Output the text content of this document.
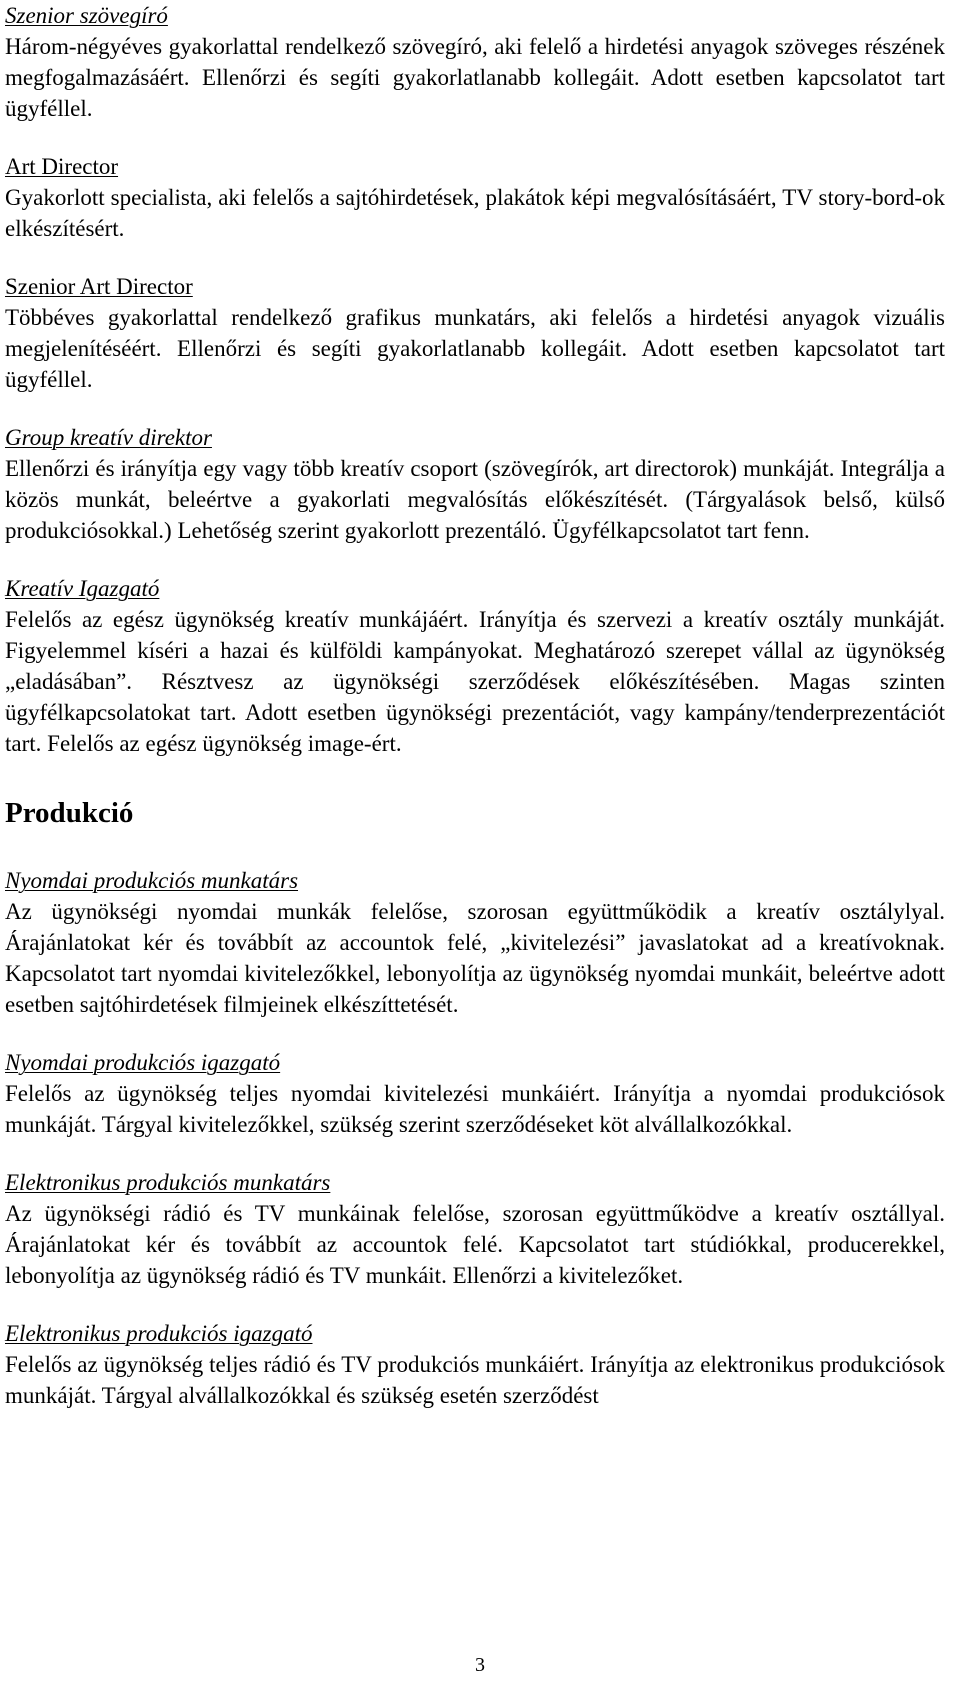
Szenior szövegíró
Három-négyéves gyakorlattal rendelkező szövegíró, aki felelő a hirdetési anyagok szöveges részének megfogalmazásáért. Ellenőrzi és segíti gyakorlatlanabb kollegáit. Adott esetben kapcsolatot tart ügyféllel.
Art Director
Gyakorlott specialista, aki felelős a sajtóhirdetések, plakátok képi megvalósításáért, TV story-bord-ok elkészítésért.
Szenior Art Director
Többéves gyakorlattal rendelkező grafikus munkatárs, aki felelős a hirdetési anyagok vizuális megjelenítéséért. Ellenőrzi és segíti gyakorlatlanabb kollegáit. Adott esetben kapcsolatot tart ügyféllel.
Group kreatív direktor
Ellenőrzi és irányítja egy vagy több kreatív csoport (szövegírók, art directorok) munkáját. Integrálja a közös munkát, beleértve a gyakorlati megvalósítás előkészítését. (Tárgyalások belső, külső produkciósokkal.) Lehetőség szerint gyakorlott prezentáló. Ügyfélkapcsolatot tart fenn.
Kreatív Igazgató
Felelős az egész ügynökség kreatív munkájáért. Irányítja és szervezi a kreatív osztály munkáját. Figyelemmel kíséri a hazai és külföldi kampányokat. Meghatározó szerepet vállal az ügynökség „eladásában”. Résztvesz az ügynökségi szerződések előkészítésében. Magas szinten ügyfélkapcsolatokat tart. Adott esetben ügynökségi prezentációt, vagy kampány/tenderprezentációt tart. Felelős az egész ügynökség image-ért.
Produkció
Nyomdai produkciós munkatárs
Az ügynökségi nyomdai munkák felelőse, szorosan együttműködik a kreatív osztálylyal. Árajánlatokat kér és továbbít az accountok felé, „kivitelezési” javaslatokat ad a kreatívoknak. Kapcsolatot tart nyomdai kivitelezőkkel, lebonyolítja az ügynökség nyomdai munkáit, beleértve adott esetben sajtóhirdetések filmjeinek elkészíttetését.
Nyomdai produkciós igazgató
Felelős az ügynökség teljes nyomdai kivitelezési munkáiért. Irányítja a nyomdai produkciósok munkáját. Tárgyal kivitelezőkkel, szükség szerint szerződéseket köt alvállalkozókkal.
Elektronikus produkciós munkatárs
Az ügynökségi rádió és TV munkáinak felelőse, szorosan együttműködve a kreatív osztállyal. Árajánlatokat kér és továbbít az accountok felé. Kapcsolatot tart stúdiókkal, producerekkel, lebonyolítja az ügynökség rádió és TV munkáit. Ellenőrzi a kivitelezőket.
Elektronikus produkciós igazgató
Felelős az ügynökség teljes rádió és TV produkciós munkáiért. Irányítja az elektronikus produkciósok munkáját. Tárgyal alvállalkozókkal és szükség esetén szerződést
3
